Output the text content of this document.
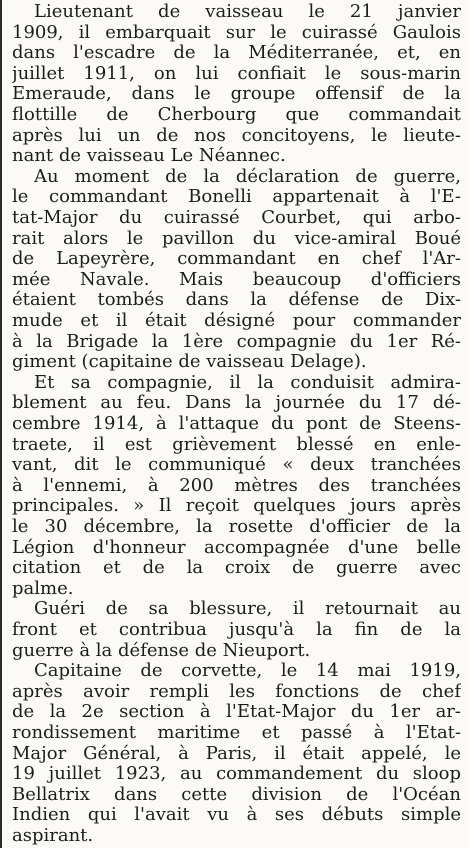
Lieutenant de vaisseau le 21 janvier
1909, il embarquait sur le cuirassé Gaulois
dans l'escadre de la Méditerranée, et, en
juillet 1911, on lui confiait le sous-marin
Emeraude, dans le groupe offensif de la
flottille de Cherbourg que commandait
après lui un de nos concitoyens, le lieute-
nant de vaisseau Le Néannec.
Au moment de la déclaration de guerre,
le commandant Bonelli appartenait à l'E-
tat-Major du cuirassé Courbet, qui arbo-
rait alors le pavillon du vice-amiral Boué
de Lapeyrère, commandant en chef l'Ar-
mée Navale. Mais beaucoup d'officiers
étaient tombés dans la défense de Dix-
mude et il était désigné pour commander
à la Brigade la 1ère compagnie du 1er Ré-
giment (capitaine de vaisseau Delage).
Et sa compagnie, il la conduisit admira-
blement au feu. Dans la journée du 17 dé-
cembre 1914, à l'attaque du pont de Steens-
traete, il est grièvement blessé en enle-
vant, dit le communiqué « deux tranchées
à l'ennemi, à 200 mètres des tranchées
principales. » Il reçoit quelques jours après
le 30 décembre, la rosette d'officier de la
Légion d'honneur accompagnée d'une belle
citation et de la croix de guerre avec
palme.
Guéri de sa blessure, il retournait au
front et contribua jusqu'à la fin de la
guerre à la défense de Nieuport.
Capitaine de corvette, le 14 mai 1919,
après avoir rempli les fonctions de chef
de la 2e section à l'Etat-Major du 1er ar-
rondissement maritime et passé à l'Etat-
Major Général, à Paris, il était appelé, le
19 juillet 1923, au commandement du sloop
Bellatrix dans cette division de l'Océan
Indien qui l'avait vu à ses débuts simple
aspirant.
